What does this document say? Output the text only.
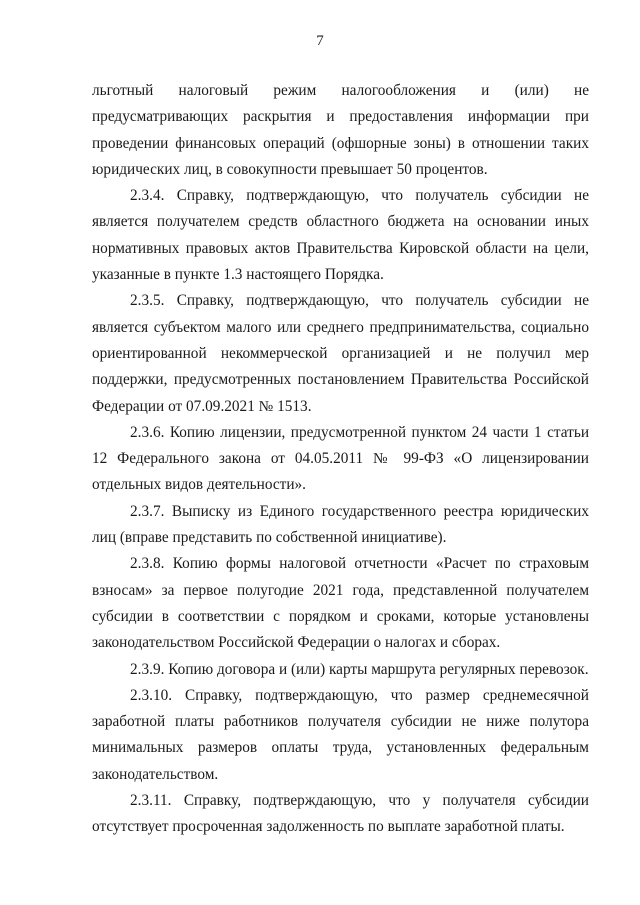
7

льготный налоговый режим налогообложения и (или) не предусматривающих раскрытия и предоставления информации при проведении финансовых операций (офшорные зоны) в отношении таких юридических лиц, в совокупности превышает 50 процентов.

2.3.4. Справку, подтверждающую, что получатель субсидии не является получателем средств областного бюджета на основании иных нормативных правовых актов Правительства Кировской области на цели, указанные в пункте 1.3 настоящего Порядка.

2.3.5. Справку, подтверждающую, что получатель субсидии не является субъектом малого или среднего предпринимательства, социально ориентированной некоммерческой организацией и не получил мер поддержки, предусмотренных постановлением Правительства Российской Федерации от 07.09.2021 № 1513.

2.3.6. Копию лицензии, предусмотренной пунктом 24 части 1 статьи 12 Федерального закона от 04.05.2011 № 99-ФЗ «О лицензировании отдельных видов деятельности».

2.3.7. Выписку из Единого государственного реестра юридических лиц (вправе представить по собственной инициативе).

2.3.8. Копию формы налоговой отчетности «Расчет по страховым взносам» за первое полугодие 2021 года, представленной получателем субсидии в соответствии с порядком и сроками, которые установлены законодательством Российской Федерации о налогах и сборах.

2.3.9. Копию договора и (или) карты маршрута регулярных перевозок.

2.3.10. Справку, подтверждающую, что размер среднемесячной заработной платы работников получателя субсидии не ниже полутора минимальных размеров оплаты труда, установленных федеральным законодательством.

2.3.11. Справку, подтверждающую, что у получателя субсидии отсутствует просроченная задолженность по выплате заработной платы.
